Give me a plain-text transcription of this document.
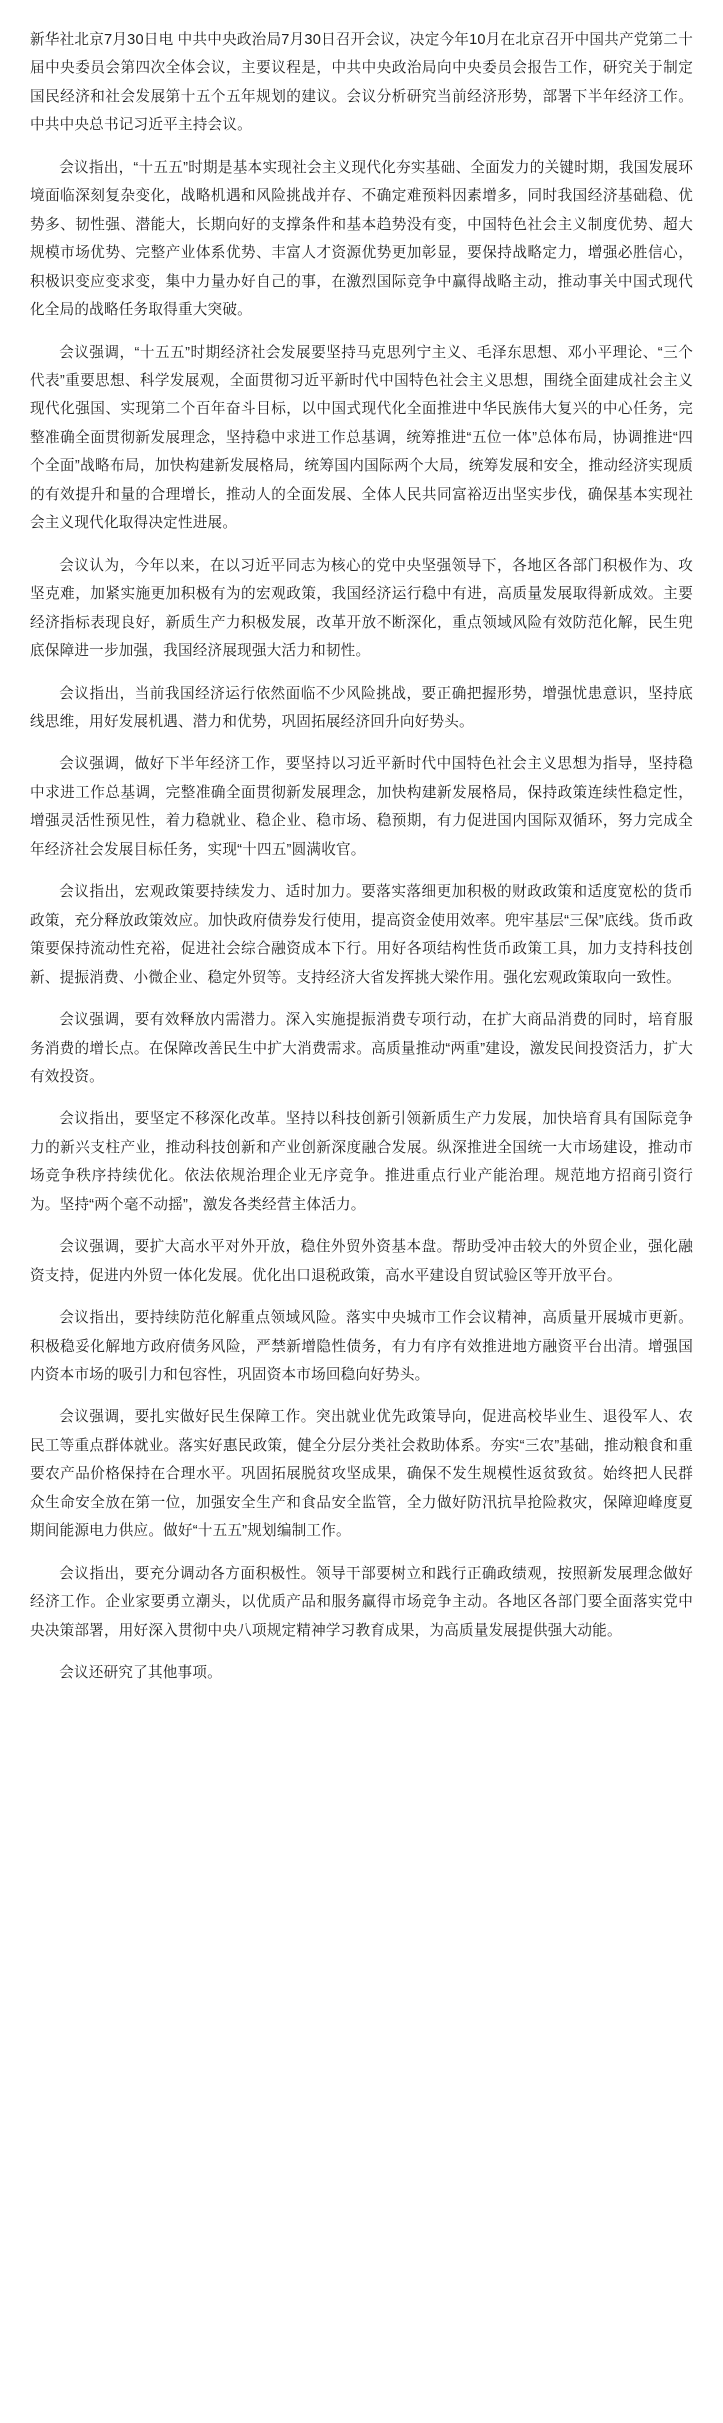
新华社北京7月30日电 中共中央政治局7月30日召开会议，决定今年10月在北京召开中国共产党第二十届中央委员会第四次全体会议，主要议程是，中共中央政治局向中央委员会报告工作，研究关于制定国民经济和社会发展第十五个五年规划的建议。会议分析研究当前经济形势，部署下半年经济工作。中共中央总书记习近平主持会议。

会议指出，“十五五”时期是基本实现社会主义现代化夯实基础、全面发力的关键时期，我国发展环境面临深刻复杂变化，战略机遇和风险挑战并存、不确定难预料因素增多，同时我国经济基础稳、优势多、韧性强、潜能大，长期向好的支撑条件和基本趋势没有变，中国特色社会主义制度优势、超大规模市场优势、完整产业体系优势、丰富人才资源优势更加彰显，要保持战略定力，增强必胜信心，积极识变应变求变，集中力量办好自己的事，在激烈国际竞争中赢得战略主动，推动事关中国式现代化全局的战略任务取得重大突破。

会议强调，“十五五”时期经济社会发展要坚持马克思列宁主义、毛泽东思想、邓小平理论、“三个代表”重要思想、科学发展观，全面贯彻习近平新时代中国特色社会主义思想，围绕全面建成社会主义现代化强国、实现第二个百年奋斗目标，以中国式现代化全面推进中华民族伟大复兴的中心任务，完整准确全面贯彻新发展理念，坚持稳中求进工作总基调，统筹推进“五位一体”总体布局，协调推进“四个全面”战略布局，加快构建新发展格局，统筹国内国际两个大局，统筹发展和安全，推动经济实现质的有效提升和量的合理增长，推动人的全面发展、全体人民共同富裕迈出坚实步伐，确保基本实现社会主义现代化取得决定性进展。

会议认为，今年以来，在以习近平同志为核心的党中央坚强领导下，各地区各部门积极作为、攻坚克难，加紧实施更加积极有为的宏观政策，我国经济运行稳中有进，高质量发展取得新成效。主要经济指标表现良好，新质生产力积极发展，改革开放不断深化，重点领域风险有效防范化解，民生兜底保障进一步加强，我国经济展现强大活力和韧性。

会议指出，当前我国经济运行依然面临不少风险挑战，要正确把握形势，增强忧患意识，坚持底线思维，用好发展机遇、潜力和优势，巩固拓展经济回升向好势头。

会议强调，做好下半年经济工作，要坚持以习近平新时代中国特色社会主义思想为指导，坚持稳中求进工作总基调，完整准确全面贯彻新发展理念，加快构建新发展格局，保持政策连续性稳定性，增强灵活性预见性，着力稳就业、稳企业、稳市场、稳预期，有力促进国内国际双循环，努力完成全年经济社会发展目标任务，实现“十四五”圆满收官。

会议指出，宏观政策要持续发力、适时加力。要落实落细更加积极的财政政策和适度宽松的货币政策，充分释放政策效应。加快政府债券发行使用，提高资金使用效率。兜牢基层“三保”底线。货币政策要保持流动性充裕，促进社会综合融资成本下行。用好各项结构性货币政策工具，加力支持科技创新、提振消费、小微企业、稳定外贸等。支持经济大省发挥挑大梁作用。强化宏观政策取向一致性。

会议强调，要有效释放内需潜力。深入实施提振消费专项行动，在扩大商品消费的同时，培育服务消费的增长点。在保障改善民生中扩大消费需求。高质量推动“两重”建设，激发民间投资活力，扩大有效投资。

会议指出，要坚定不移深化改革。坚持以科技创新引领新质生产力发展，加快培育具有国际竞争力的新兴支柱产业，推动科技创新和产业创新深度融合发展。纵深推进全国统一大市场建设，推动市场竞争秩序持续优化。依法依规治理企业无序竞争。推进重点行业产能治理。规范地方招商引资行为。坚持“两个毫不动摇”，激发各类经营主体活力。

会议强调，要扩大高水平对外开放，稳住外贸外资基本盘。帮助受冲击较大的外贸企业，强化融资支持，促进内外贸一体化发展。优化出口退税政策，高水平建设自贸试验区等开放平台。

会议指出，要持续防范化解重点领域风险。落实中央城市工作会议精神，高质量开展城市更新。积极稳妥化解地方政府债务风险，严禁新增隐性债务，有力有序有效推进地方融资平台出清。增强国内资本市场的吸引力和包容性，巩固资本市场回稳向好势头。

会议强调，要扎实做好民生保障工作。突出就业优先政策导向，促进高校毕业生、退役军人、农民工等重点群体就业。落实好惠民政策，健全分层分类社会救助体系。夯实“三农”基础，推动粮食和重要农产品价格保持在合理水平。巩固拓展脱贫攻坚成果，确保不发生规模性返贫致贫。始终把人民群众生命安全放在第一位，加强安全生产和食品安全监管，全力做好防汛抗旱抢险救灾，保障迎峰度夏期间能源电力供应。做好“十五五”规划编制工作。

会议指出，要充分调动各方面积极性。领导干部要树立和践行正确政绩观，按照新发展理念做好经济工作。企业家要勇立潮头，以优质产品和服务赢得市场竞争主动。各地区各部门要全面落实党中央决策部署，用好深入贯彻中央八项规定精神学习教育成果，为高质量发展提供强大动能。

会议还研究了其他事项。
